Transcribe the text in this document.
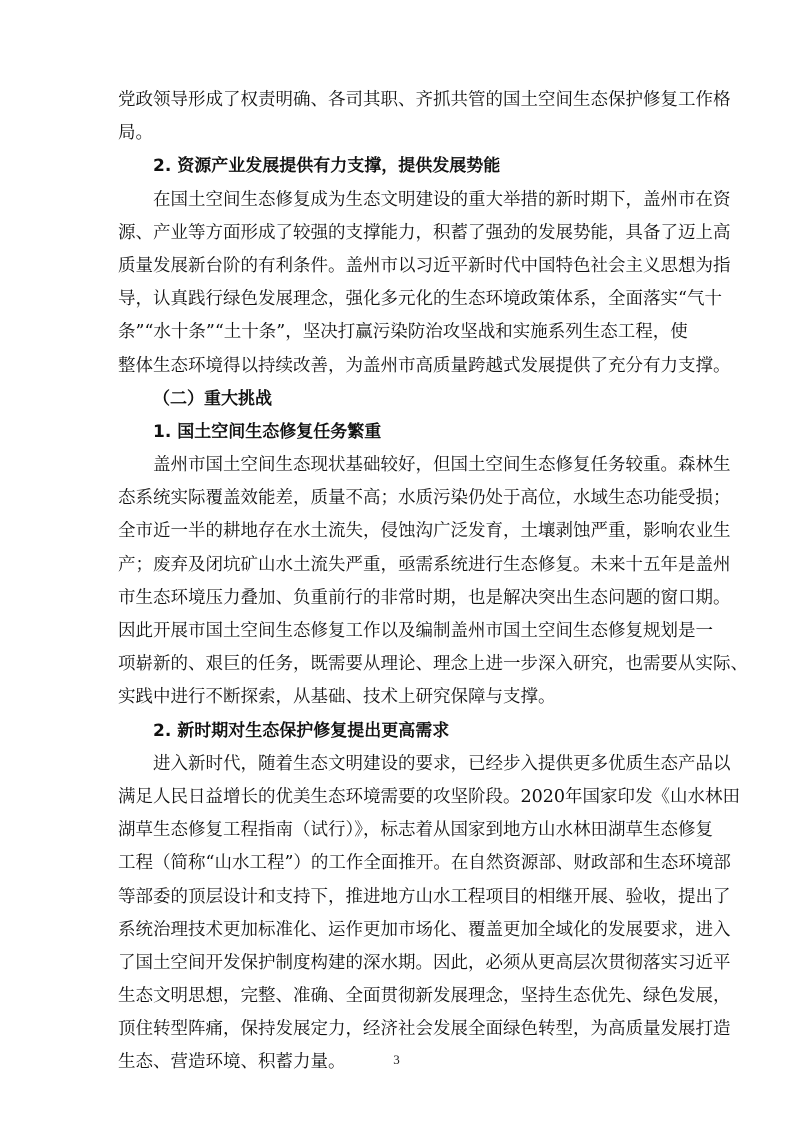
党政领导形成了权责明确、各司其职、齐抓共管的国土空间生态保护修复工作格
局。
2. 资源产业发展提供有力支撑，提供发展势能
在国土空间生态修复成为生态文明建设的重大举措的新时期下，盖州市在资
源、产业等方面形成了较强的支撑能力，积蓄了强劲的发展势能，具备了迈上高
质量发展新台阶的有利条件。盖州市以习近平新时代中国特色社会主义思想为指
导，认真践行绿色发展理念，强化多元化的生态环境政策体系，全面落实“气十
条”“水十条”“土十条”，坚决打赢污染防治攻坚战和实施系列生态工程，使
整体生态环境得以持续改善，为盖州市高质量跨越式发展提供了充分有力支撑。
（二）重大挑战
1. 国土空间生态修复任务繁重
盖州市国土空间生态现状基础较好，但国土空间生态修复任务较重。森林生
态系统实际覆盖效能差，质量不高；水质污染仍处于高位，水域生态功能受损；
全市近一半的耕地存在水土流失，侵蚀沟广泛发育，土壤剥蚀严重，影响农业生
产；废弃及闭坑矿山水土流失严重，亟需系统进行生态修复。未来十五年是盖州
市生态环境压力叠加、负重前行的非常时期，也是解决突出生态问题的窗口期。
因此开展市国土空间生态修复工作以及编制盖州市国土空间生态修复规划是一
项崭新的、艰巨的任务，既需要从理论、理念上进一步深入研究，也需要从实际、
实践中进行不断探索，从基础、技术上研究保障与支撑。
2. 新时期对生态保护修复提出更高需求
进入新时代，随着生态文明建设的要求，已经步入提供更多优质生态产品以
满足人民日益增长的优美生态环境需要的攻坚阶段。2020年国家印发《山水林田
湖草生态修复工程指南（试行）》，标志着从国家到地方山水林田湖草生态修复
工程（简称“山水工程”）的工作全面推开。在自然资源部、财政部和生态环境部
等部委的顶层设计和支持下，推进地方山水工程项目的相继开展、验收，提出了
系统治理技术更加标准化、运作更加市场化、覆盖更加全域化的发展要求，进入
了国土空间开发保护制度构建的深水期。因此，必须从更高层次贯彻落实习近平
生态文明思想，完整、准确、全面贯彻新发展理念，坚持生态优先、绿色发展，
顶住转型阵痛，保持发展定力，经济社会发展全面绿色转型，为高质量发展打造
生态、营造环境、积蓄力量。	3
